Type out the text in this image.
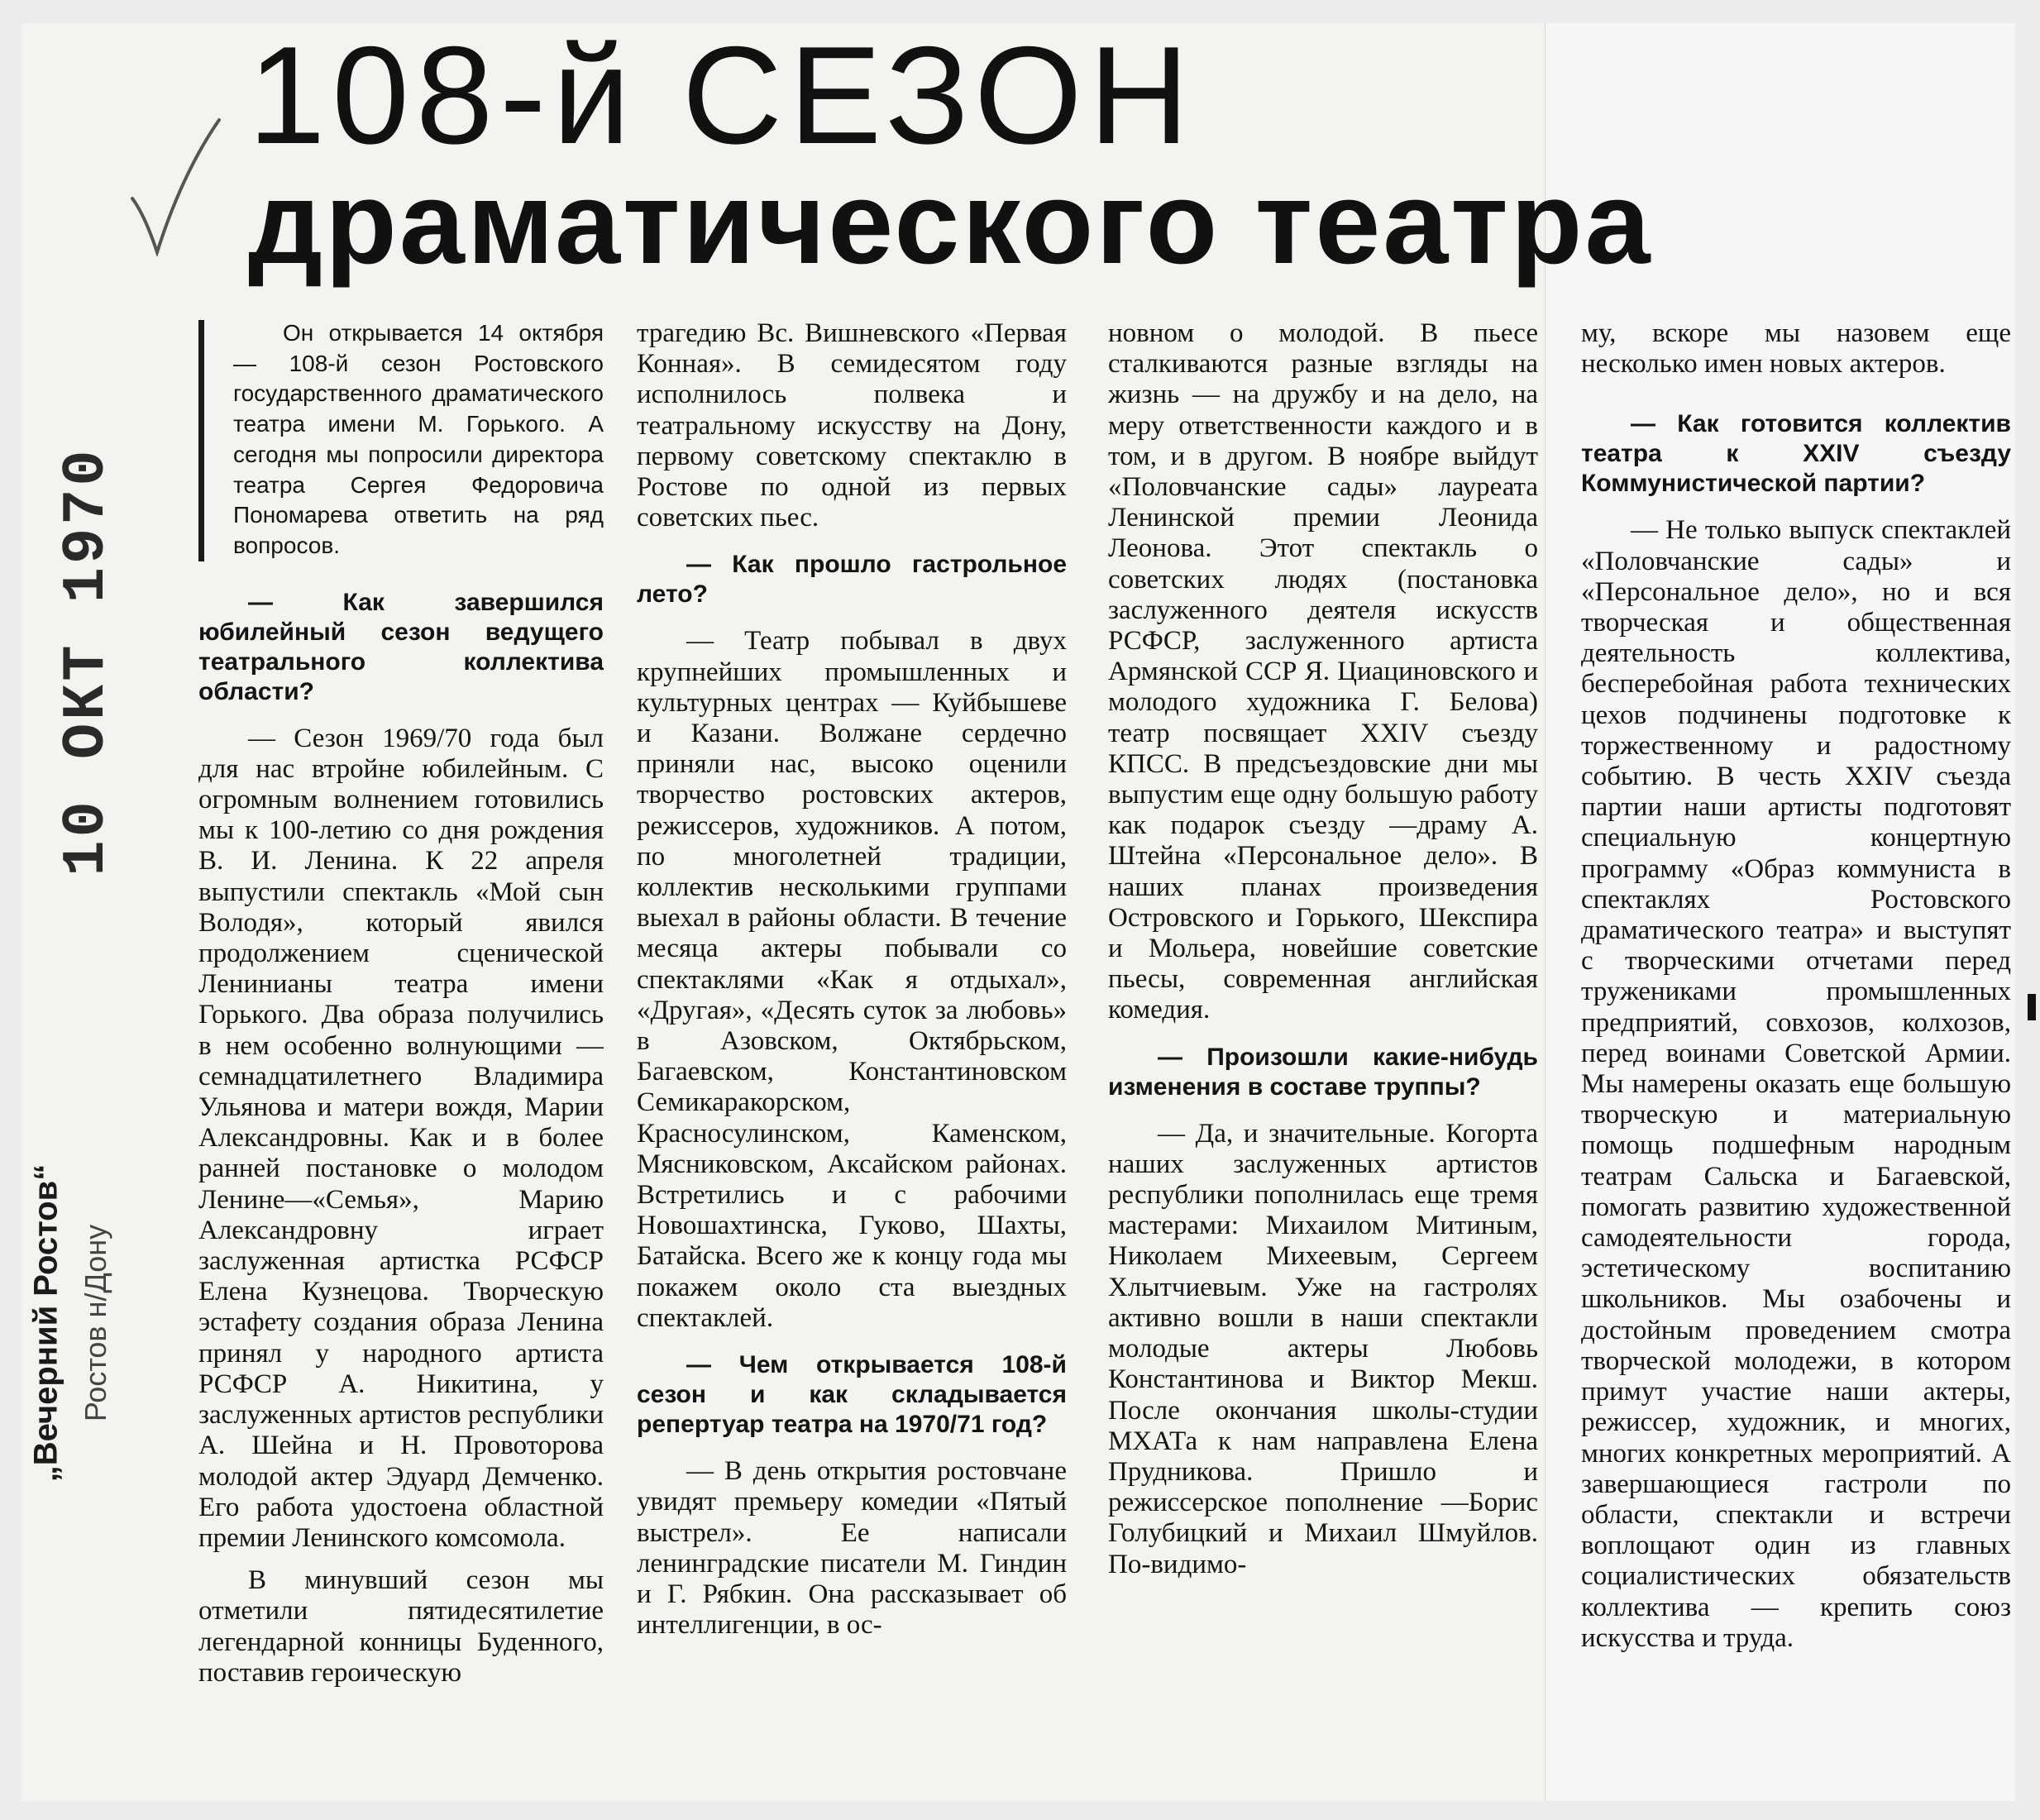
10 ОКТ 1970
„Вечерний Ростов“ Ростов н/Дону
108-й СЕЗОН
драматического театра

Он открывается 14 октября — 108-й сезон Ростовского государственного драматического театра имени М. Горького. А сегодня мы попросили директора театра Сергея Федоровича Пономарева ответить на ряд вопросов.

— Как завершился юбилейный сезон ведущего театрального коллектива области?

— Сезон 1969/70 года был для нас втройне юбилейным. С огромным волнением готовились мы к 100-летию со дня рождения В. И. Ленина. К 22 апреля выпустили спектакль «Мой сын Володя», который явился продолжением сценической Ленинианы театра имени Горького. Два образа получились в нем особенно волнующими — семнадцатилетнего Владимира Ульянова и матери вождя, Марии Александровны. Как и в более ранней постановке о молодом Ленине—«Семья», Марию Александровну играет заслуженная артистка РСФСР Елена Кузнецова. Творческую эстафету создания образа Ленина принял у народного артиста РСФСР А. Никитина, у заслуженных артистов республики А. Шейна и Н. Провоторова молодой актер Эдуард Демченко. Его работа удостоена областной премии Ленинского комсомола.

В минувший сезон мы отметили пятидесятилетие легендарной конницы Буденного, поставив героическую

трагедию Вс. Вишневского «Первая Конная». В семидесятом году исполнилось полвека и театральному искусству на Дону, первому советскому спектаклю в Ростове по одной из первых советских пьес.

— Как прошло гастрольное лето?

— Театр побывал в двух крупнейших промышленных и культурных центрах — Куйбышеве и Казани. Волжане сердечно приняли нас, высоко оценили творчество ростовских актеров, режиссеров, художников. А потом, по многолетней традиции, коллектив несколькими группами выехал в районы области. В течение месяца актеры побывали со спектаклями «Как я отдыхал», «Другая», «Десять суток за любовь» в Азовском, Октябрьском, Багаевском, Константиновском Семикаракорском, Красносулинском, Каменском, Мясниковском, Аксайском районах. Встретились и с рабочими Новошахтинска, Гуково, Шахты, Батайска. Всего же к концу года мы покажем около ста выездных спектаклей.

— Чем открывается 108-й сезон и как складывается репертуар театра на 1970/71 год?

— В день открытия ростовчане увидят премьеру комедии «Пятый выстрел». Ее написали ленинградские писатели М. Гиндин и Г. Рябкин. Она рассказывает об интеллигенции, в ос-

новном о молодой. В пьесе сталкиваются разные взгляды на жизнь — на дружбу и на дело, на меру ответственности каждого и в том, и в другом. В ноябре выйдут «Половчанские сады» лауреата Ленинской премии Леонида Леонова. Этот спектакль о советских людях (постановка заслуженного деятеля искусств РСФСР, заслуженного артиста Армянской ССР Я. Циациновского и молодого художника Г. Белова) театр посвящает XXIV съезду КПСС. В предсъездовские дни мы выпустим еще одну большую работу как подарок съезду —драму А. Штейна «Персональное дело». В наших планах произведения Островского и Горького, Шекспира и Мольера, новейшие советские пьесы, современная английская комедия.

— Произошли какие-нибудь изменения в составе труппы?

— Да, и значительные. Когорта наших заслуженных артистов республики пополнилась еще тремя мастерами: Михаилом Митиным, Николаем Михеевым, Сергеем Хлытчиевым. Уже на гастролях активно вошли в наши спектакли молодые актеры Любовь Константинова и Виктор Мекш. После окончания школы-студии МХАТа к нам направлена Елена Прудникова. Пришло и режиссерское пополнение —Борис Голубицкий и Михаил Шмуйлов. По-видимо-

му, вскоре мы назовем еще несколько имен новых актеров.

— Как готовится коллектив театра к XXIV съезду Коммунистической партии?

— Не только выпуск спектаклей «Половчанские сады» и «Персональное дело», но и вся творческая и общественная деятельность коллектива, бесперебойная работа технических цехов подчинены подготовке к торжественному и радостному событию. В честь XXIV съезда партии наши артисты подготовят специальную концертную программу «Образ коммуниста в спектаклях Ростовского драматического театра» и выступят с творческими отчетами перед тружениками промышленных предприятий, совхозов, колхозов, перед воинами Советской Армии. Мы намерены оказать еще большую творческую и материальную помощь подшефным народным театрам Сальска и Багаевской, помогать развитию художественной самодеятельности города, эстетическому воспитанию школьников. Мы озабочены и достойным проведением смотра творческой молодежи, в котором примут участие наши актеры, режиссер, художник, и многих, многих конкретных мероприятий. А завершающиеся гастроли по области, спектакли и встречи воплощают один из главных социалистических обязательств коллектива — крепить союз искусства и труда.
